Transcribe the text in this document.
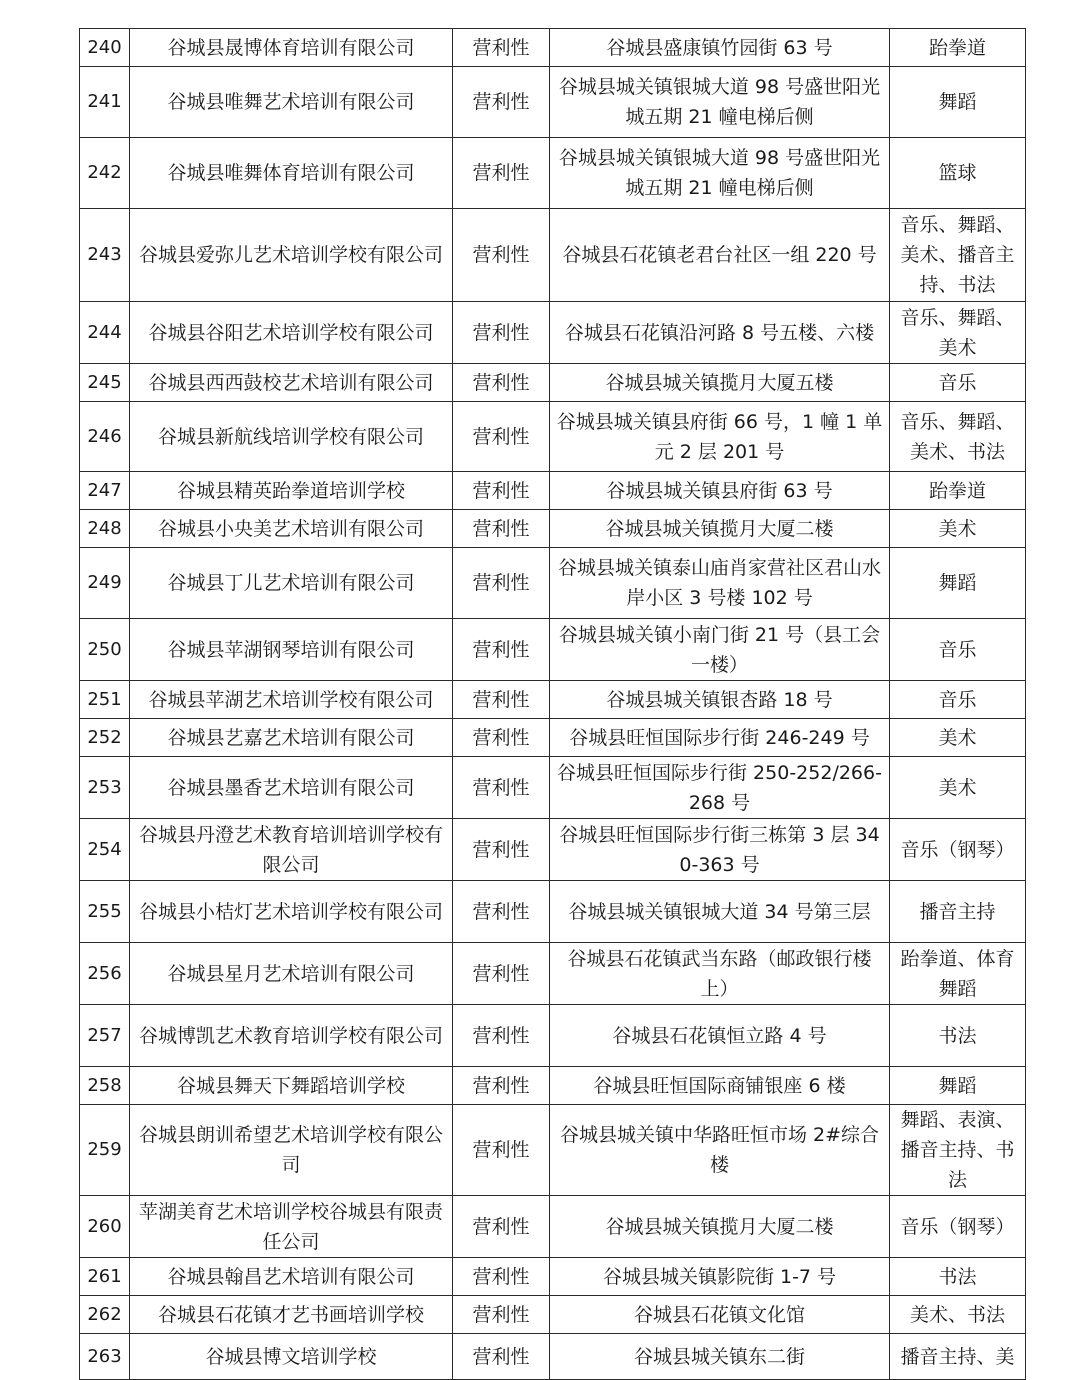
240	谷城县晟博体育培训有限公司	营利性	谷城县盛康镇竹园街 63 号	跆拳道
241	谷城县唯舞艺术培训有限公司	营利性	谷城县城关镇银城大道 98 号盛世阳光城五期 21 幢电梯后侧	舞蹈
242	谷城县唯舞体育培训有限公司	营利性	谷城县城关镇银城大道 98 号盛世阳光城五期 21 幢电梯后侧	篮球
243	谷城县爱弥儿艺术培训学校有限公司	营利性	谷城县石花镇老君台社区一组 220 号	音乐、舞蹈、美术、播音主持、书法
244	谷城县谷阳艺术培训学校有限公司	营利性	谷城县石花镇沿河路 8 号五楼、六楼	音乐、舞蹈、美术
245	谷城县西西鼓校艺术培训有限公司	营利性	谷城县城关镇揽月大厦五楼	音乐
246	谷城县新航线培训学校有限公司	营利性	谷城县城关镇县府街 66 号，1 幢 1 单元 2 层 201 号	音乐、舞蹈、美术、书法
247	谷城县精英跆拳道培训学校	营利性	谷城县城关镇县府街 63 号	跆拳道
248	谷城县小央美艺术培训有限公司	营利性	谷城县城关镇揽月大厦二楼	美术
249	谷城县丁儿艺术培训有限公司	营利性	谷城县城关镇泰山庙肖家营社区君山水岸小区 3 号楼 102 号	舞蹈
250	谷城县苹湖钢琴培训有限公司	营利性	谷城县城关镇小南门街 21 号（县工会一楼）	音乐
251	谷城县苹湖艺术培训学校有限公司	营利性	谷城县城关镇银杏路 18 号	音乐
252	谷城县艺嘉艺术培训有限公司	营利性	谷城县旺恒国际步行街 246-249 号	美术
253	谷城县墨香艺术培训有限公司	营利性	谷城县旺恒国际步行街 250-252/266-268 号	美术
254	谷城县丹澄艺术教育培训培训学校有限公司	营利性	谷城县旺恒国际步行街三栋第 3 层 340-363 号	音乐（钢琴）
255	谷城县小桔灯艺术培训学校有限公司	营利性	谷城县城关镇银城大道 34 号第三层	播音主持
256	谷城县星月艺术培训有限公司	营利性	谷城县石花镇武当东路（邮政银行楼上）	跆拳道、体育舞蹈
257	谷城博凯艺术教育培训学校有限公司	营利性	谷城县石花镇恒立路 4 号	书法
258	谷城县舞天下舞蹈培训学校	营利性	谷城县旺恒国际商铺银座 6 楼	舞蹈
259	谷城县朗训希望艺术培训学校有限公司	营利性	谷城县城关镇中华路旺恒市场 2#综合楼	舞蹈、表演、播音主持、书法
260	苹湖美育艺术培训学校谷城县有限责任公司	营利性	谷城县城关镇揽月大厦二楼	音乐（钢琴）
261	谷城县翰昌艺术培训有限公司	营利性	谷城县城关镇影院街 1-7 号	书法
262	谷城县石花镇才艺书画培训学校	营利性	谷城县石花镇文化馆	美术、书法
263	谷城县博文培训学校	营利性	谷城县城关镇东二街	播音主持、美
